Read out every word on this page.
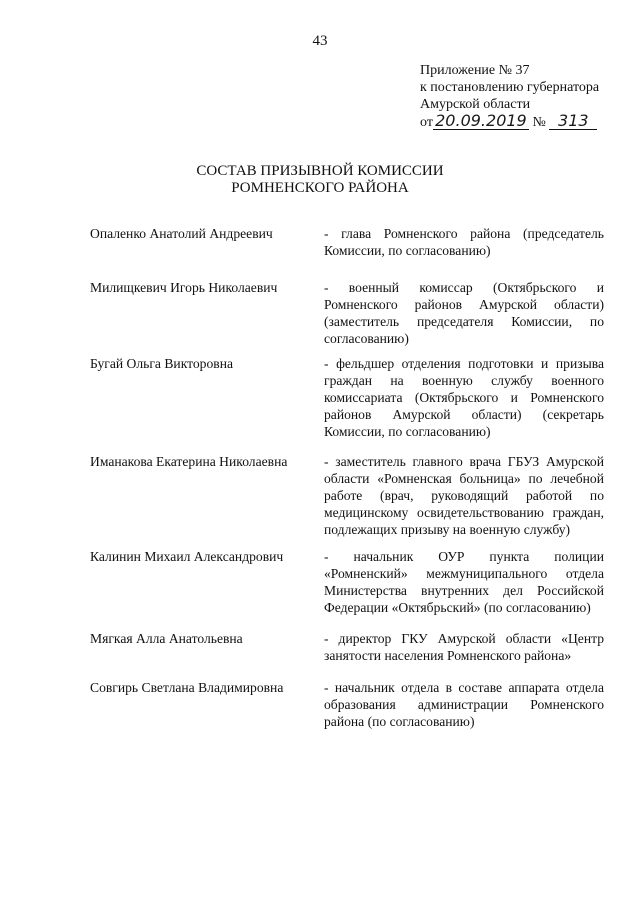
43
Приложение № 37
к постановлению губернатора
Амурской области
от 20.09.2019 № 313
СОСТАВ ПРИЗЫВНОЙ КОМИССИИ
РОМНЕНСКОГО РАЙОНА
Опаленко Анатолий Андреевич	- глава Ромненского района (председатель Комиссии, по согласованию)
Милищкевич Игорь Николаевич	- военный комиссар (Октябрьского и Ромненского районов Амурской области) (заместитель председателя Комиссии, по согласованию)
Бугай Ольга Викторовна	- фельдшер отделения подготовки и призыва граждан на военную службу военного комиссариата (Октябрьского и Ромненского районов Амурской области) (секретарь Комиссии, по согласованию)
Иманакова Екатерина Николаевна	- заместитель главного врача ГБУЗ Амурской области «Ромненская больница» по лечебной работе (врач, руководящий работой по медицинскому освидетельствованию граждан, подлежащих призыву на военную службу)
Калинин Михаил Александрович	- начальник ОУР пункта полиции «Ромненский» межмуниципального отдела Министерства внутренних дел Российской Федерации «Октябрьский» (по согласованию)
Мягкая Алла Анатольевна	- директор ГКУ Амурской области «Центр занятости населения Ромненского района»
Совгирь Светлана Владимировна	- начальник отдела в составе аппарата отдела образования администрации Ромненского района (по согласованию)
